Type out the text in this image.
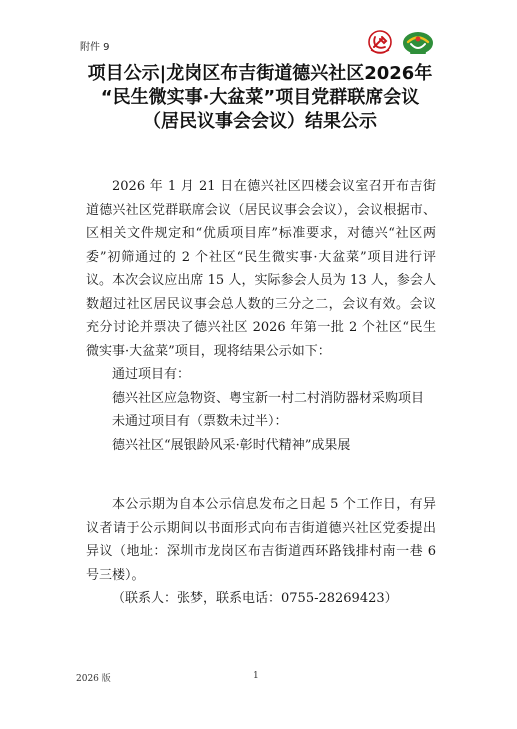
附件 9
项目公示|龙岗区布吉街道德兴社区2026年
“民生微实事·大盆菜”项目党群联席会议
（居民议事会会议）结果公示

2026 年 1 月 21 日在德兴社区四楼会议室召开布吉街道德兴社区党群联席会议（居民议事会会议），会议根据市、区相关文件规定和“优质项目库”标准要求，对德兴“社区两委”初筛通过的 2 个社区“民生微实事·大盆菜”项目进行评议。本次会议应出席 15 人，实际参会人员为 13 人，参会人数超过社区居民议事会总人数的三分之二，会议有效。会议充分讨论并票决了德兴社区 2026 年第一批 2 个社区“民生微实事·大盆菜”项目，现将结果公示如下：

通过项目有：

德兴社区应急物资、粤宝新一村二村消防器材采购项目

未通过项目有（票数未过半）：

德兴社区“展银龄风采·彰时代精神”成果展

本公示期为自本公示信息发布之日起 5 个工作日，有异议者请于公示期间以书面形式向布吉街道德兴社区党委提出异议（地址：深圳市龙岗区布吉街道西环路钱排村南一巷 6 号三楼）。

（联系人：张梦，联系电话：0755-28269423）

2026 版	1
